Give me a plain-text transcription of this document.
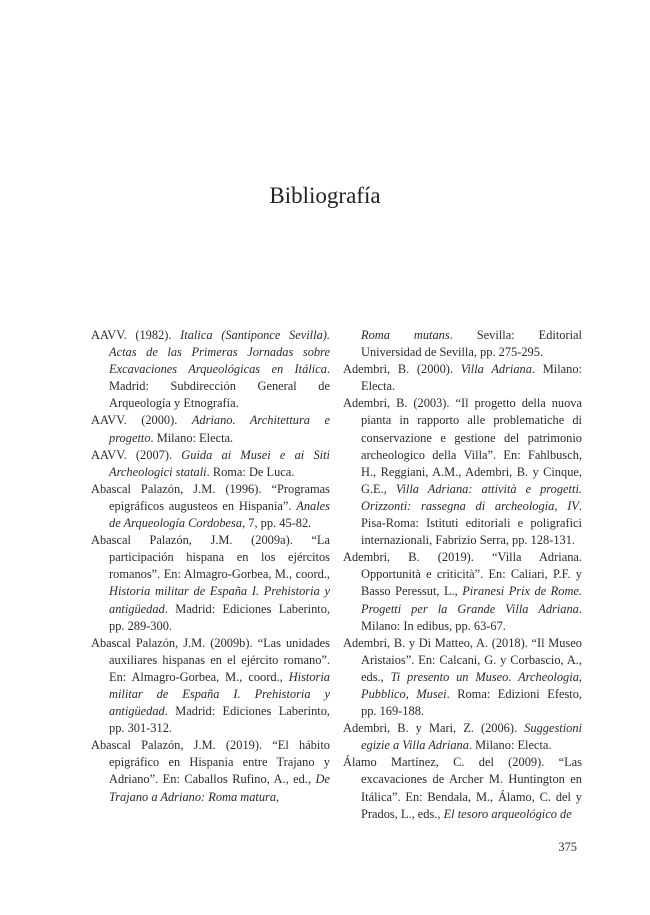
Bibliografía

AAVV. (1982). Italica (Santiponce Sevilla). Actas de las Primeras Jornadas sobre Excavaciones Arqueológicas en Itálica. Madrid: Subdirección General de Arqueología y Etnografía.

AAVV. (2000). Adriano. Architettura e progetto. Milano: Electa.

AAVV. (2007). Guida ai Musei e ai Siti Archeologici statali. Roma: De Luca.

Abascal Palazón, J.M. (1996). “Programas epigráficos augusteos en Hispania”. Anales de Arqueología Cordobesa, 7, pp. 45-82.

Abascal Palazón, J.M. (2009a). “La participación hispana en los ejércitos romanos”. En: Almagro-Gorbea, M., coord., Historia militar de España I. Prehistoria y antigüedad. Madrid: Ediciones Laberinto, pp. 289-300.

Abascal Palazón, J.M. (2009b). “Las unidades auxiliares hispanas en el ejército romano”. En: Almagro-Gorbea, M., coord., Historia militar de España I. Prehistoria y antigüedad. Madrid: Ediciones Laberinto, pp. 301-312.

Abascal Palazón, J.M. (2019). “El hábito epigráfico en Hispania entre Trajano y Adriano”. En: Caballos Rufino, A., ed., De Trajano a Adriano: Roma matura,

Roma mutans. Sevilla: Editorial Universidad de Sevilla, pp. 275-295.

Adembri, B. (2000). Villa Adriana. Milano: Electa.

Adembri, B. (2003). “Il progetto della nuova pianta in rapporto alle problematiche di conservazione e gestione del patrimonio archeologico della Villa”. En: Fahlbusch, H., Reggiani, A.M., Adembri, B. y Cinque, G.E., Villa Adriana: attività e progetti. Orizzonti: rassegna di archeologia, IV. Pisa-Roma: Istituti editoriali e poligrafici internazionali, Fabrizio Serra, pp. 128-131.

Adembri, B. (2019). “Villa Adriana. Opportunità e criticità”. En: Caliari, P.F. y Basso Peressut, L., Piranesi Prix de Rome. Progetti per la Grande Villa Adriana. Milano: In edibus, pp. 63-67.

Adembri, B. y Di Matteo, A. (2018). “Il Museo Aristaios”. En: Calcani, G. y Corbascio, A., eds., Ti presento un Museo. Archeologia, Pubblico, Musei. Roma: Edizioni Efesto, pp. 169-188.

Adembri, B. y Mari, Z. (2006). Suggestioni egizie a Villa Adriana. Milano: Electa.

Álamo Martínez, C. del (2009). “Las excavaciones de Archer M. Huntington en Itálica”. En: Bendala, M., Álamo, C. del y Prados, L., eds., El tesoro arqueológico de

375
